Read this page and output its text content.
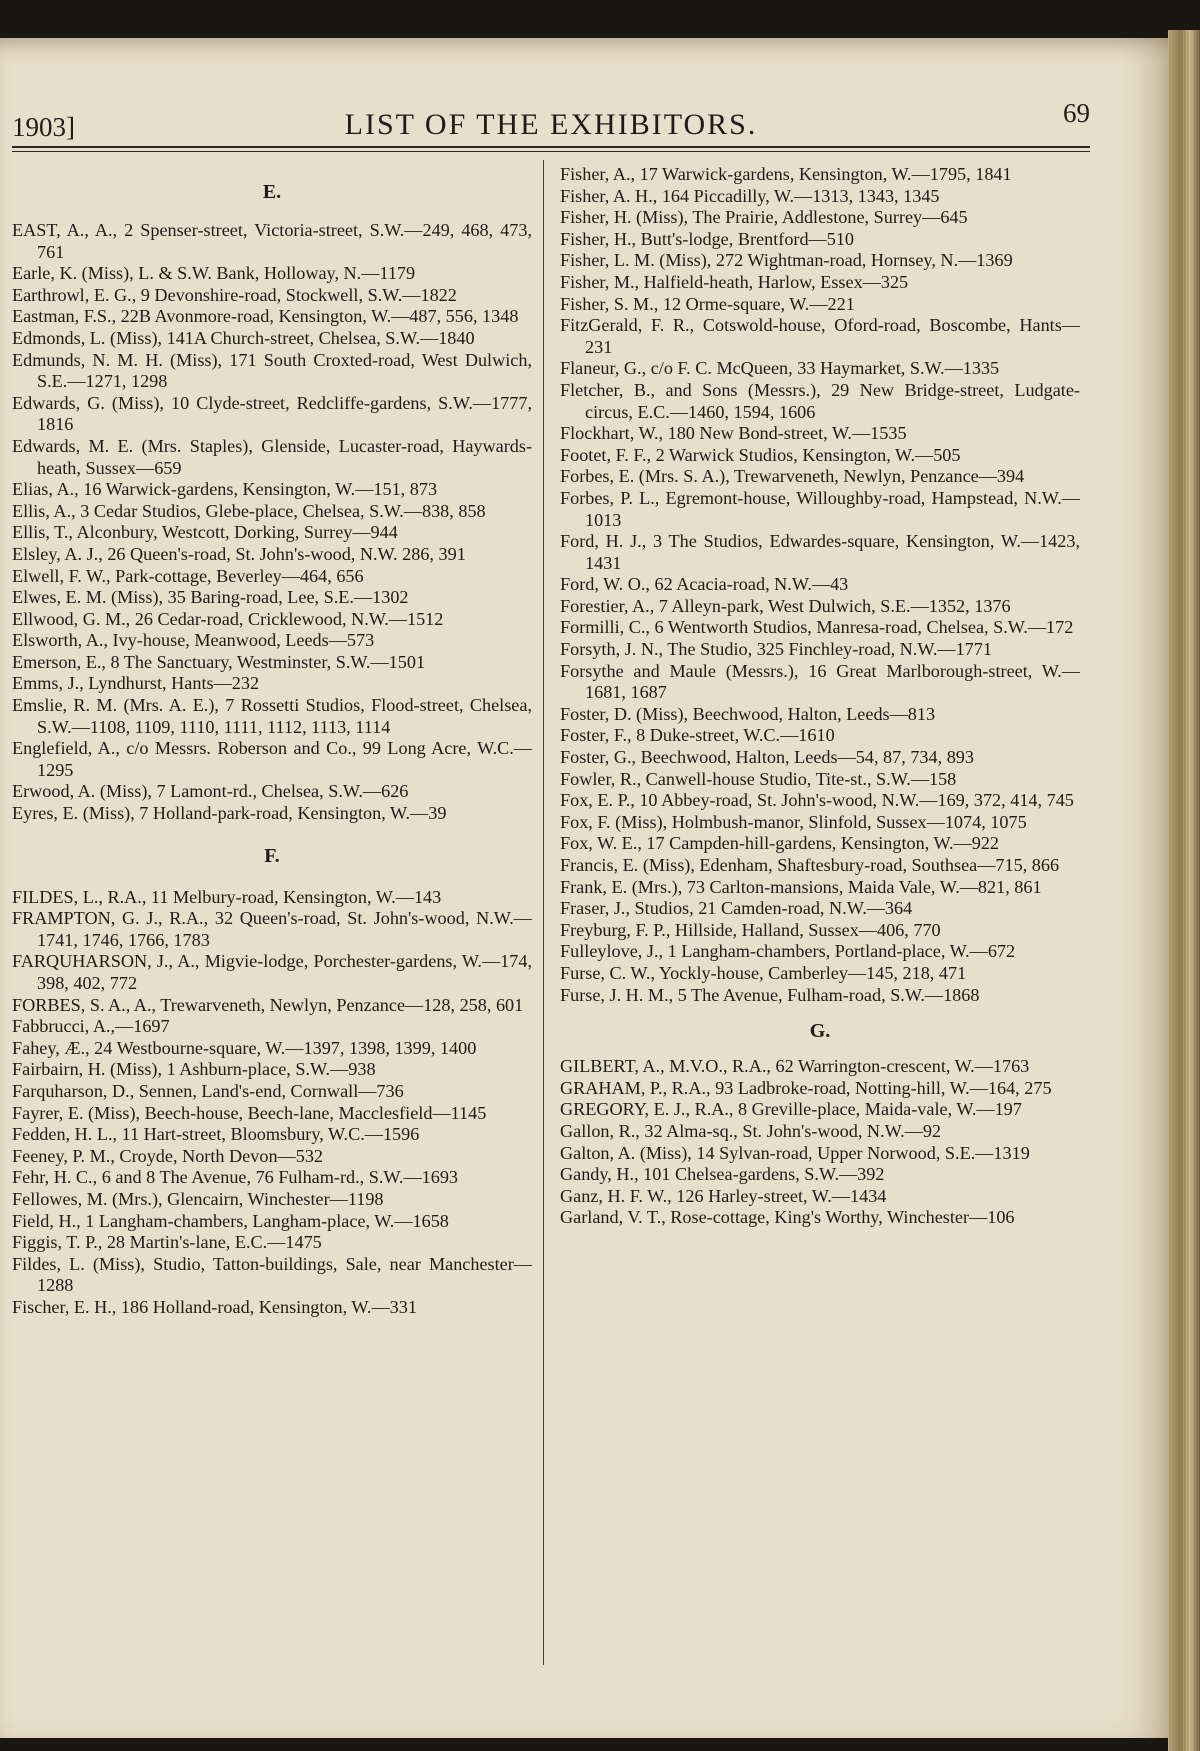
1903]	LIST OF THE EXHIBITORS.	69
E.

EAST, A., A., 2 Spenser-street, Victoria-street, S.W.—249, 468, 473, 761

Earle, K. (Miss), L. & S.W. Bank, Holloway, N.—1179

Earthrowl, E. G., 9 Devonshire-road, Stockwell, S.W.—1822

Eastman, F.S., 22B Avonmore-road, Kensington, W.—487, 556, 1348

Edmonds, L. (Miss), 141A Church-street, Chelsea, S.W.—1840

Edmunds, N. M. H. (Miss), 171 South Croxted-road, West Dulwich, S.E.—1271, 1298

Edwards, G. (Miss), 10 Clyde-street, Redcliffe-gardens, S.W.—1777, 1816

Edwards, M. E. (Mrs. Staples), Glenside, Lucaster-road, Haywards-heath, Sussex—659

Elias, A., 16 Warwick-gardens, Kensington, W.—151, 873

Ellis, A., 3 Cedar Studios, Glebe-place, Chelsea, S.W.—838, 858

Ellis, T., Alconbury, Westcott, Dorking, Surrey—944

Elsley, A. J., 26 Queen's-road, St. John's-wood, N.W. 286, 391

Elwell, F. W., Park-cottage, Beverley—464, 656

Elwes, E. M. (Miss), 35 Baring-road, Lee, S.E.—1302

Ellwood, G. M., 26 Cedar-road, Cricklewood, N.W.—1512

Elsworth, A., Ivy-house, Meanwood, Leeds—573

Emerson, E., 8 The Sanctuary, Westminster, S.W.—1501

Emms, J., Lyndhurst, Hants—232

Emslie, R. M. (Mrs. A. E.), 7 Rossetti Studios, Flood-street, Chelsea, S.W.—1108, 1109, 1110, 1111, 1112, 1113, 1114

Englefield, A., c/o Messrs. Roberson and Co., 99 Long Acre, W.C.—1295

Erwood, A. (Miss), 7 Lamont-rd., Chelsea, S.W.—626

Eyres, E. (Miss), 7 Holland-park-road, Kensington, W.—39

F.

FILDES, L., R.A., 11 Melbury-road, Kensington, W.—143

FRAMPTON, G. J., R.A., 32 Queen's-road, St. John's-wood, N.W.—1741, 1746, 1766, 1783

FARQUHARSON, J., A., Migvie-lodge, Porchester-gardens, W.—174, 398, 402, 772

FORBES, S. A., A., Trewarveneth, Newlyn, Penzance—128, 258, 601

Fabbrucci, A.,—1697

Fahey, Æ., 24 Westbourne-square, W.—1397, 1398, 1399, 1400

Fairbairn, H. (Miss), 1 Ashburn-place, S.W.—938

Farquharson, D., Sennen, Land's-end, Cornwall—736

Fayrer, E. (Miss), Beech-house, Beech-lane, Macclesfield—1145

Fedden, H. L., 11 Hart-street, Bloomsbury, W.C.—1596

Feeney, P. M., Croyde, North Devon—532

Fehr, H. C., 6 and 8 The Avenue, 76 Fulham-rd., S.W.—1693

Fellowes, M. (Mrs.), Glencairn, Winchester—1198

Field, H., 1 Langham-chambers, Langham-place, W.—1658

Figgis, T. P., 28 Martin's-lane, E.C.—1475

Fildes, L. (Miss), Studio, Tatton-buildings, Sale, near Manchester—1288

Fischer, E. H., 186 Holland-road, Kensington, W.—331

Fisher, A., 17 Warwick-gardens, Kensington, W.—1795, 1841

Fisher, A. H., 164 Piccadilly, W.—1313, 1343, 1345

Fisher, H. (Miss), The Prairie, Addlestone, Surrey—645

Fisher, H., Butt's-lodge, Brentford—510

Fisher, L. M. (Miss), 272 Wightman-road, Hornsey, N.—1369

Fisher, M., Halfield-heath, Harlow, Essex—325

Fisher, S. M., 12 Orme-square, W.—221

FitzGerald, F. R., Cotswold-house, Oford-road, Boscombe, Hants—231

Flaneur, G., c/o F. C. McQueen, 33 Haymarket, S.W.—1335

Fletcher, B., and Sons (Messrs.), 29 New Bridge-street, Ludgate-circus, E.C.—1460, 1594, 1606

Flockhart, W., 180 New Bond-street, W.—1535

Footet, F. F., 2 Warwick Studios, Kensington, W.—505

Forbes, E. (Mrs. S. A.), Trewarveneth, Newlyn, Penzance—394

Forbes, P. L., Egremont-house, Willoughby-road, Hampstead, N.W.—1013

Ford, H. J., 3 The Studios, Edwardes-square, Kensington, W.—1423, 1431

Ford, W. O., 62 Acacia-road, N.W.—43

Forestier, A., 7 Alleyn-park, West Dulwich, S.E.—1352, 1376

Formilli, C., 6 Wentworth Studios, Manresa-road, Chelsea, S.W.—172

Forsyth, J. N., The Studio, 325 Finchley-road, N.W.—1771

Forsythe and Maule (Messrs.), 16 Great Marlborough-street, W.—1681, 1687

Foster, D. (Miss), Beechwood, Halton, Leeds—813

Foster, F., 8 Duke-street, W.C.—1610

Foster, G., Beechwood, Halton, Leeds—54, 87, 734, 893

Fowler, R., Canwell-house Studio, Tite-st., S.W.—158

Fox, E. P., 10 Abbey-road, St. John's-wood, N.W.—169, 372, 414, 745

Fox, F. (Miss), Holmbush-manor, Slinfold, Sussex—1074, 1075

Fox, W. E., 17 Campden-hill-gardens, Kensington, W.—922

Francis, E. (Miss), Edenham, Shaftesbury-road, Southsea—715, 866

Frank, E. (Mrs.), 73 Carlton-mansions, Maida Vale, W.—821, 861

Fraser, J., Studios, 21 Camden-road, N.W.—364

Freyburg, F. P., Hillside, Halland, Sussex—406, 770

Fulleylove, J., 1 Langham-chambers, Portland-place, W.—672

Furse, C. W., Yockly-house, Camberley—145, 218, 471

Furse, J. H. M., 5 The Avenue, Fulham-road, S.W.—1868

G.

GILBERT, A., M.V.O., R.A., 62 Warrington-crescent, W.—1763

GRAHAM, P., R.A., 93 Ladbroke-road, Notting-hill, W.—164, 275

GREGORY, E. J., R.A., 8 Greville-place, Maida-vale, W.—197

Gallon, R., 32 Alma-sq., St. John's-wood, N.W.—92

Galton, A. (Miss), 14 Sylvan-road, Upper Norwood, S.E.—1319

Gandy, H., 101 Chelsea-gardens, S.W.—392

Ganz, H. F. W., 126 Harley-street, W.—1434

Garland, V. T., Rose-cottage, King's Worthy, Winchester—106
